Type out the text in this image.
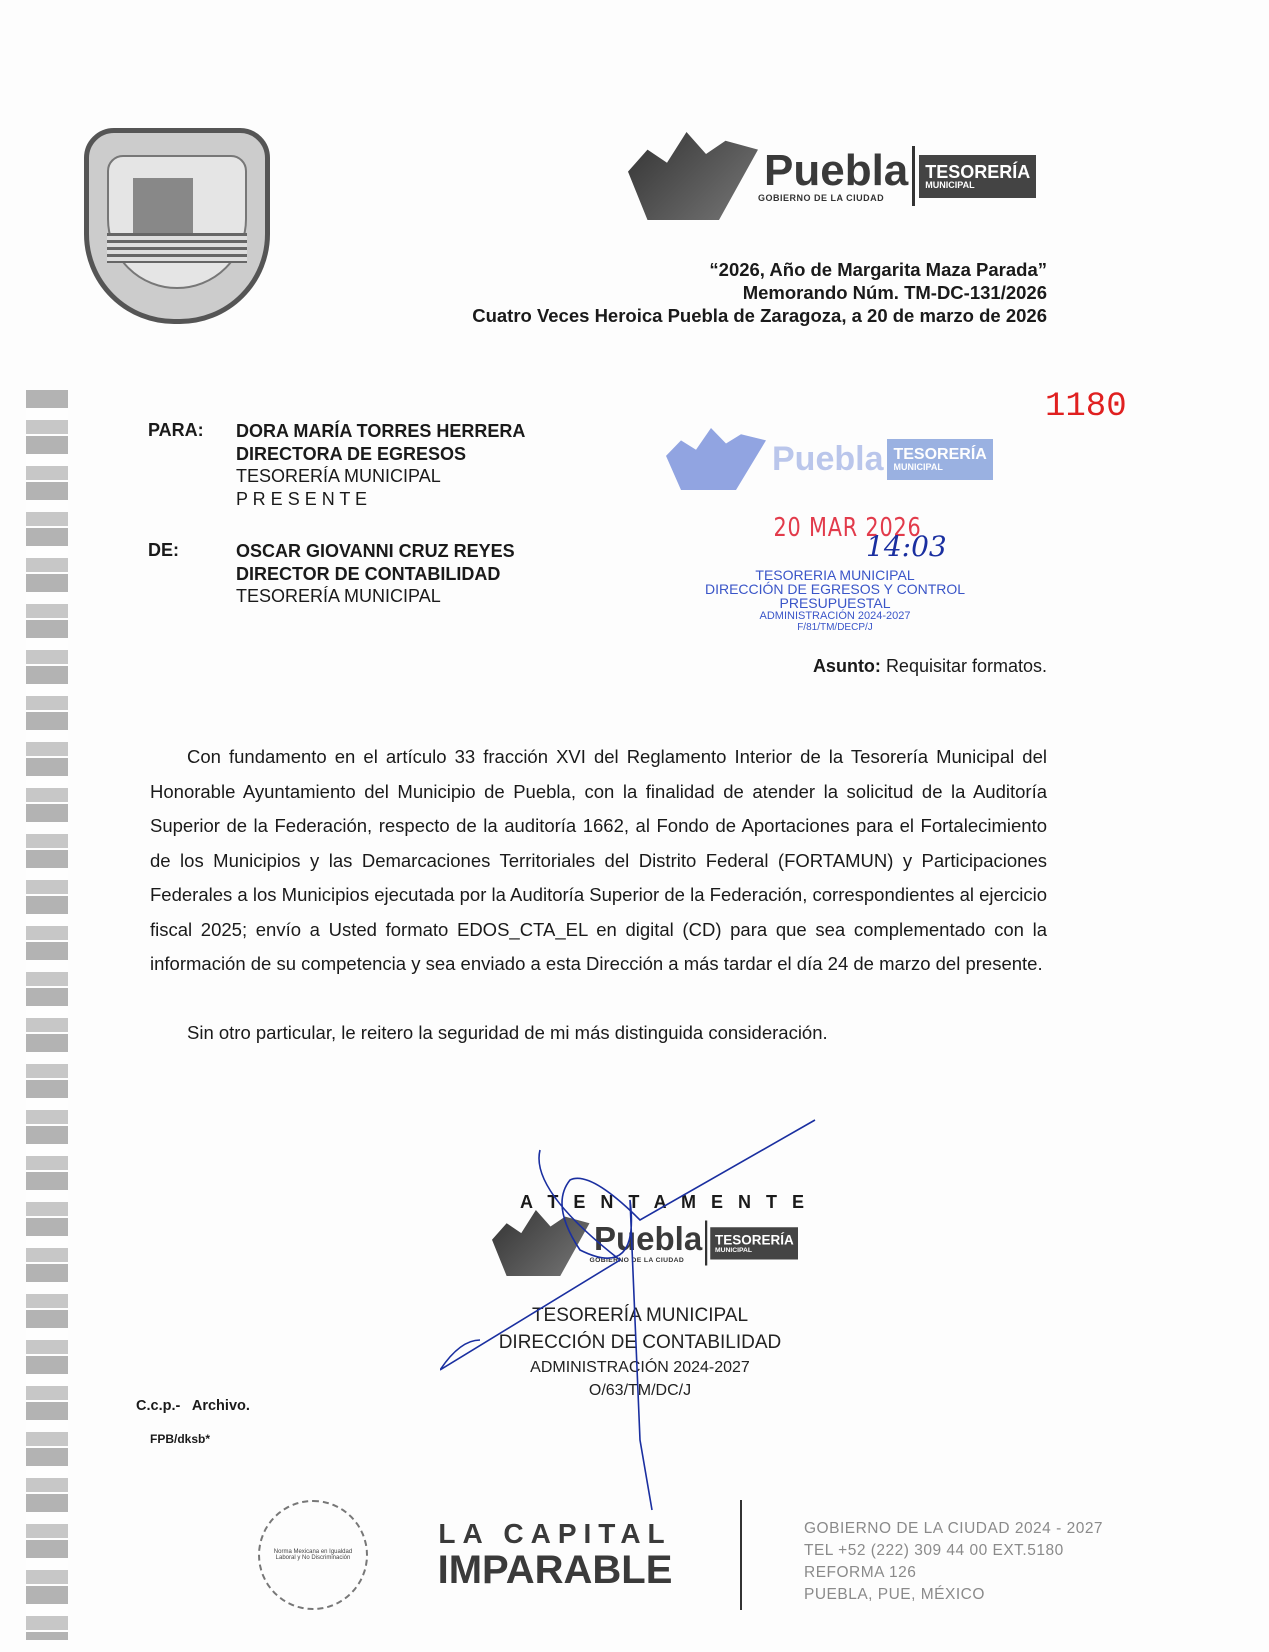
Puebla
GOBIERNO DE LA CIUDAD
TESORERÍA
MUNICIPAL
“2026, Año de Margarita Maza Parada”
Memorando Núm. TM-DC-131/2026
Cuatro Veces Heroica Puebla de Zaragoza, a 20 de marzo de 2026
PARA: DORA MARÍA TORRES HERRERA
DIRECTORA DE EGRESOS
TESORERÍA MUNICIPAL
P R E S E N T E
DE:	OSCAR GIOVANNI CRUZ REYES
DIRECTOR DE CONTABILIDAD
TESORERÍA MUNICIPAL
1180
Puebla TESORERÍA
MUNICIPAL
20 MAR 2026
14:03
TESORERIA MUNICIPAL
DIRECCIÓN DE EGRESOS Y CONTROL
PRESUPUESTAL
ADMINISTRACIÓN 2024-2027
F/81/TM/DECP/J
Asunto: Requisitar formatos.

Con fundamento en el artículo 33 fracción XVI del Reglamento Interior de la Tesorería Municipal del Honorable Ayuntamiento del Municipio de Puebla, con la finalidad de atender la solicitud de la Auditoría Superior de la Federación, respecto de la auditoría 1662, al Fondo de Aportaciones para el Fortalecimiento de los Municipios y las Demarcaciones Territoriales del Distrito Federal (FORTAMUN) y Participaciones Federales a los Municipios ejecutada por la Auditoría Superior de la Federación, correspondientes al ejercicio fiscal 2025; envío a Usted formato EDOS_CTA_EL en digital (CD) para que sea complementado con la información de su competencia y sea enviado a esta Dirección a más tardar el día 24 de marzo del presente.

Sin otro particular, le reitero la seguridad de mi más distinguida consideración.

A T E N T A M E N T E
Puebla
GOBIERNO DE LA CIUDAD
TESORERÍA
MUNICIPAL
TESORERÍA MUNICIPAL
DIRECCIÓN DE CONTABILIDAD
ADMINISTRACIÓN 2024-2027
O/63/TM/DC/J
C.c.p.- Archivo.
FPB/dksb*
Norma Mexicana en Igualdad Laboral y No Discriminación
LA CAPITAL
IMPARABLE
GOBIERNO DE LA CIUDAD 2024 - 2027
TEL +52 (222) 309 44 00 EXT.5180
REFORMA 126
PUEBLA, PUE, MÉXICO
